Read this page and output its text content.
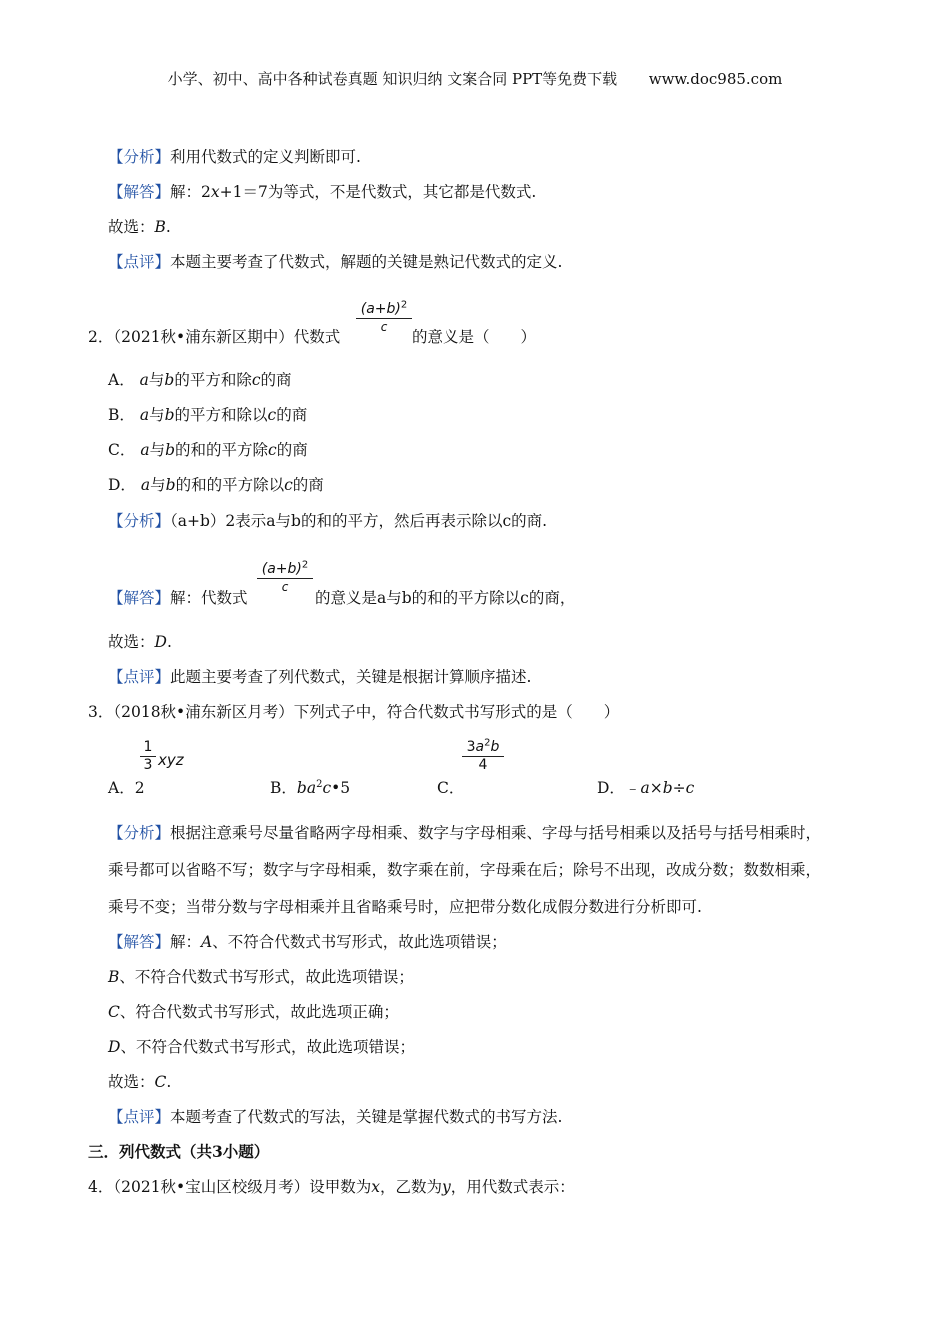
小学、初中、高中各种试卷真题 知识归纳 文案合同 PPT等免费下载 www.doc985.com
【分析】利用代数式的定义判断即可.
【解答】解：2x+1＝7为等式，不是代数式，其它都是代数式.
故选：B.
【点评】本题主要考查了代数式，解题的关键是熟记代数式的定义.
2．（2021秋•浦东新区期中）代数式
$(a+b)^2$
c
的意义是（　　）
A． a与b的平方和除c的商
B． a与b的平方和除以c的商
C． a与b的和的平方除c的商
D． a与b的和的平方除以c的商
【分析】（a+b）2表示a与b的和的平方，然后再表示除以c的商.
【解答】解：代数式
$(a+b)^2$
c
的意义是a与b的和的平方除以c的商，
故选：D.
【点评】此题主要考查了列代数式，关键是根据计算顺序描述.
3．（2018秋•浦东新区月考）下列式子中，符合代数式书写形式的是（　　）
A．2
1
3 xyz
B．$ba^2c•5$	C．
$3a^2b$
4
D．﹣a×b÷c
【分析】根据注意乘号尽量省略两字母相乘、数字与字母相乘、字母与括号相乘以及括号与括号相乘时，
乘号都可以省略不写；数字与字母相乘，数字乘在前，字母乘在后；除号不出现，改成分数；数数相乘，
乘号不变；当带分数与字母相乘并且省略乘号时，应把带分数化成假分数进行分析即可.
【解答】解：A、不符合代数式书写形式，故此选项错误；
B、不符合代数式书写形式，故此选项错误；
C、符合代数式书写形式，故此选项正确；
D、不符合代数式书写形式，故此选项错误；
故选：C.
【点评】本题考查了代数式的写法，关键是掌握代数式的书写方法.
三．列代数式（共3小题）
4．（2021秋•宝山区校级月考）设甲数为x，乙数为y，用代数式表示：
